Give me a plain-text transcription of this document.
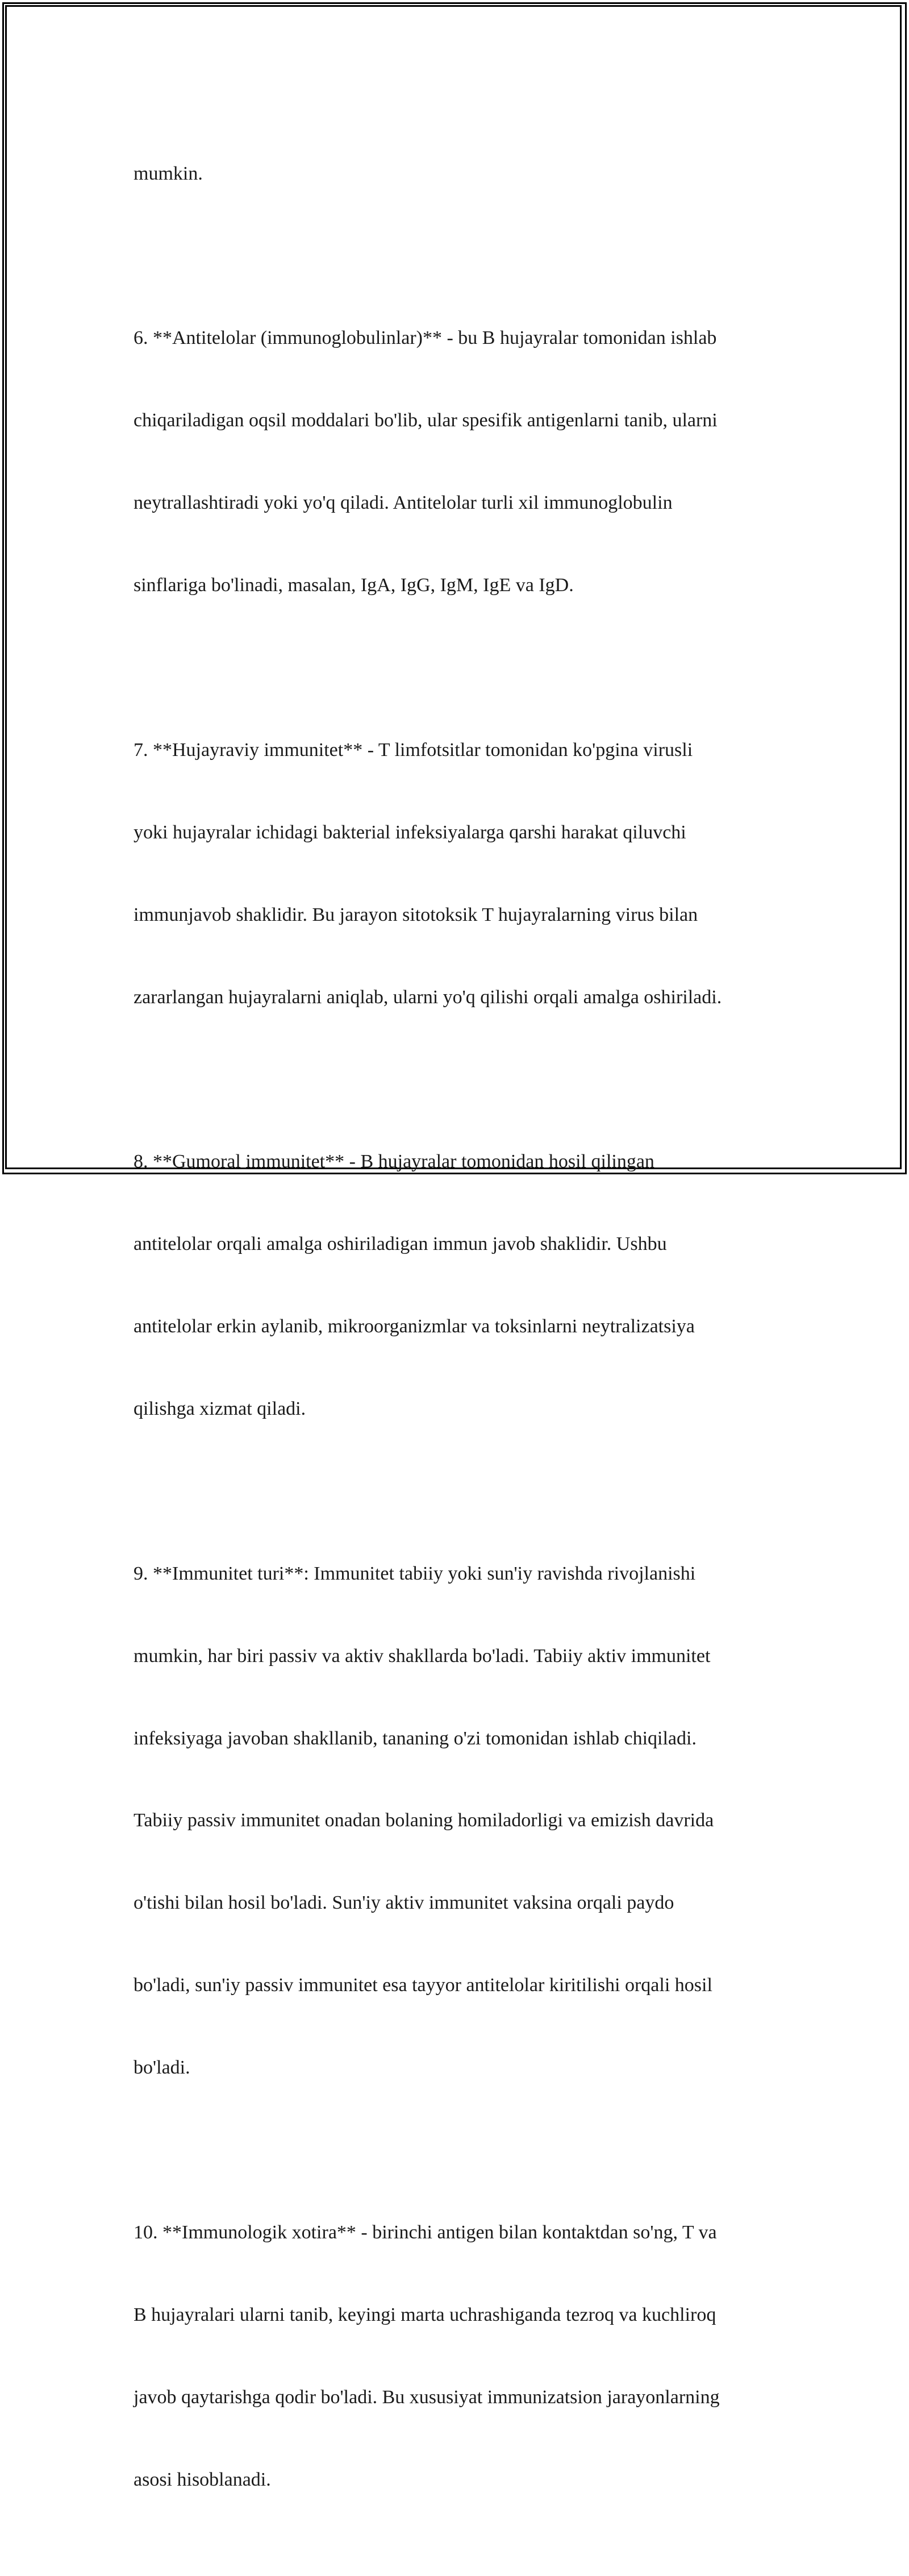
mumkin.

6. **Antitelolar (immunoglobulinlar)** - bu B hujayralar tomonidan ishlab

chiqariladigan oqsil moddalari bo'lib, ular spesifik antigenlarni tanib, ularni

neytrallashtiradi yoki yo'q qiladi. Antitelolar turli xil immunoglobulin

sinflariga bo'linadi, masalan, IgA, IgG, IgM, IgE va IgD.

7. **Hujayraviy immunitet** - T limfotsitlar tomonidan ko'pgina virusli

yoki hujayralar ichidagi bakterial infeksiyalarga qarshi harakat qiluvchi

immunjavob shaklidir. Bu jarayon sitotoksik T hujayralarning virus bilan

zararlangan hujayralarni aniqlab, ularni yo'q qilishi orqali amalga oshiriladi.

8. **Gumoral immunitet** - B hujayralar tomonidan hosil qilingan

antitelolar orqali amalga oshiriladigan immun javob shaklidir. Ushbu

antitelolar erkin aylanib, mikroorganizmlar va toksinlarni neytralizatsiya

qilishga xizmat qiladi.

9. **Immunitet turi**: Immunitet tabiiy yoki sun'iy ravishda rivojlanishi

mumkin, har biri passiv va aktiv shakllarda bo'ladi. Tabiiy aktiv immunitet

infeksiyaga javoban shakllanib, tananing o'zi tomonidan ishlab chiqiladi.

Tabiiy passiv immunitet onadan bolaning homiladorligi va emizish davrida

o'tishi bilan hosil bo'ladi. Sun'iy aktiv immunitet vaksina orqali paydo

bo'ladi, sun'iy passiv immunitet esa tayyor antitelolar kiritilishi orqali hosil

bo'ladi.

10. **Immunologik xotira** - birinchi antigen bilan kontaktdan so'ng, T va

B hujayralari ularni tanib, keyingi marta uchrashiganda tezroq va kuchliroq

javob qaytarishga qodir bo'ladi. Bu xususiyat immunizatsion jarayonlarning

asosi hisoblanadi.
